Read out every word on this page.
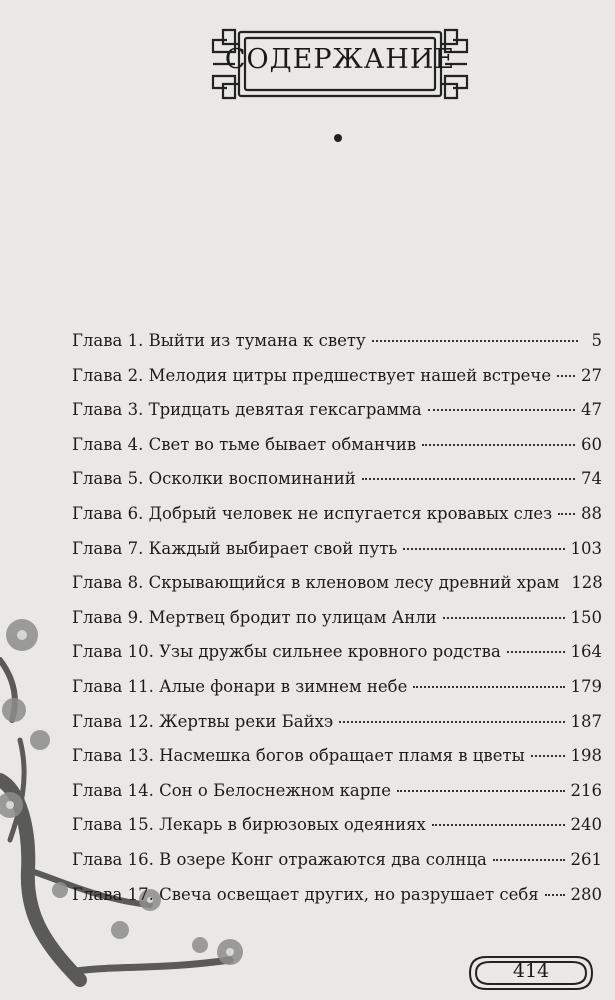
СОДЕРЖАНИЕ
Глава 1. Выйти из тумана к свету	5
Глава 2. Мелодия цитры предшествует нашей встрече 27
Глава 3. Тридцать девятая гексаграмма	47
Глава 4. Свет во тьме бывает обманчив	60
Глава 5. Осколки воспоминаний	74
Глава 6. Добрый человек не испугается кровавых слез 88
Глава 7. Каждый выбирает свой путь	103
Глава 8. Скрывающийся в кленовом лесу древний храм 128
Глава 9. Мертвец бродит по улицам Анли	150
Глава 10. Узы дружбы сильнее кровного родства	164
Глава 11. Алые фонари в зимнем небе	179
Глава 12. Жертвы реки Байхэ	187
Глава 13. Насмешка богов обращает пламя в цветы	198
Глава 14. Сон о Белоснежном карпе	216
Глава 15. Лекарь в бирюзовых одеяниях	240
Глава 16. В озере Конг отражаются два солнца	261
Глава 17. Свеча освещает других, но разрушает себя 280
414
